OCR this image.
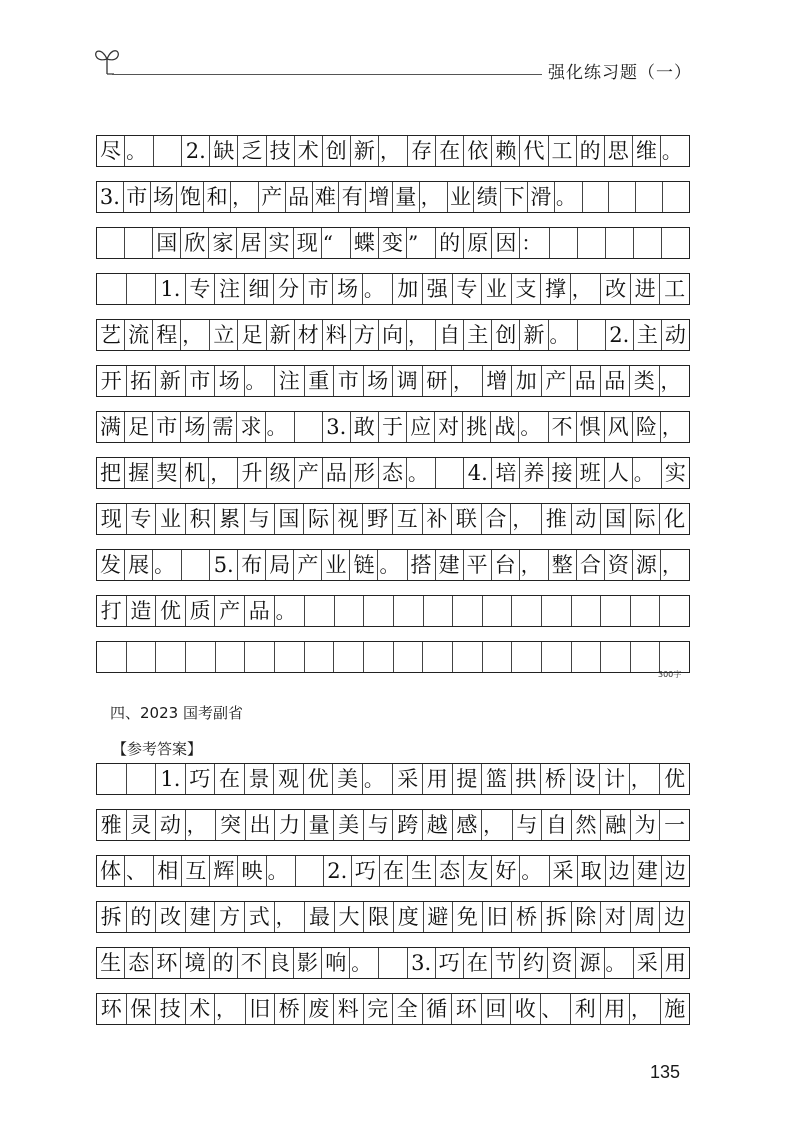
强化练习题（一）
尽 。	2. 缺 乏 技 术 创 新 ， 存 在 依 赖 代 工 的 思 维 。
3. 市 场 饱 和 ， 产 品 难 有 增 量 ， 业 绩 下 滑 。
国 欣 家 居 实 现 “ 蝶 变 ” 的 原 因 ：
1. 专 注 细 分 市 场 。 加 强 专 业 支 撑 ， 改 进 工
艺 流 程 ， 立 足 新 材 料 方 向 ， 自 主 创 新 。	2. 主 动
开 拓 新 市 场 。 注 重 市 场 调 研 ， 增 加 产 品 品 类 ，
满 足 市 场 需 求 。	3. 敢 于 应 对 挑 战 。 不 惧 风 险 ，
把 握 契 机 ， 升 级 产 品 形 态 。	4. 培 养 接 班 人 。 实
现 专 业 积 累 与 国 际 视 野 互 补 联 合 ， 推 动 国 际 化
发 展 。	5. 布 局 产 业 链 。 搭 建 平 台 ， 整 合 资 源 ，
打 造 优 质 产 品 。
300字
四、2023 国考副省
【参考答案】
1. 巧 在 景 观 优 美 。 采 用 提 篮 拱 桥 设 计 ， 优
雅 灵 动 ， 突 出 力 量 美 与 跨 越 感 ， 与 自 然 融 为 一
体 、 相 互 辉 映 。	2. 巧 在 生 态 友 好 。 采 取 边 建 边
拆 的 改 建 方 式 ， 最 大 限 度 避 免 旧 桥 拆 除 对 周 边
生 态 环 境 的 不 良 影 响 。	3. 巧 在 节 约 资 源 。 采 用
环 保 技 术 ， 旧 桥 废 料 完 全 循 环 回 收 、 利 用 ， 施
135
